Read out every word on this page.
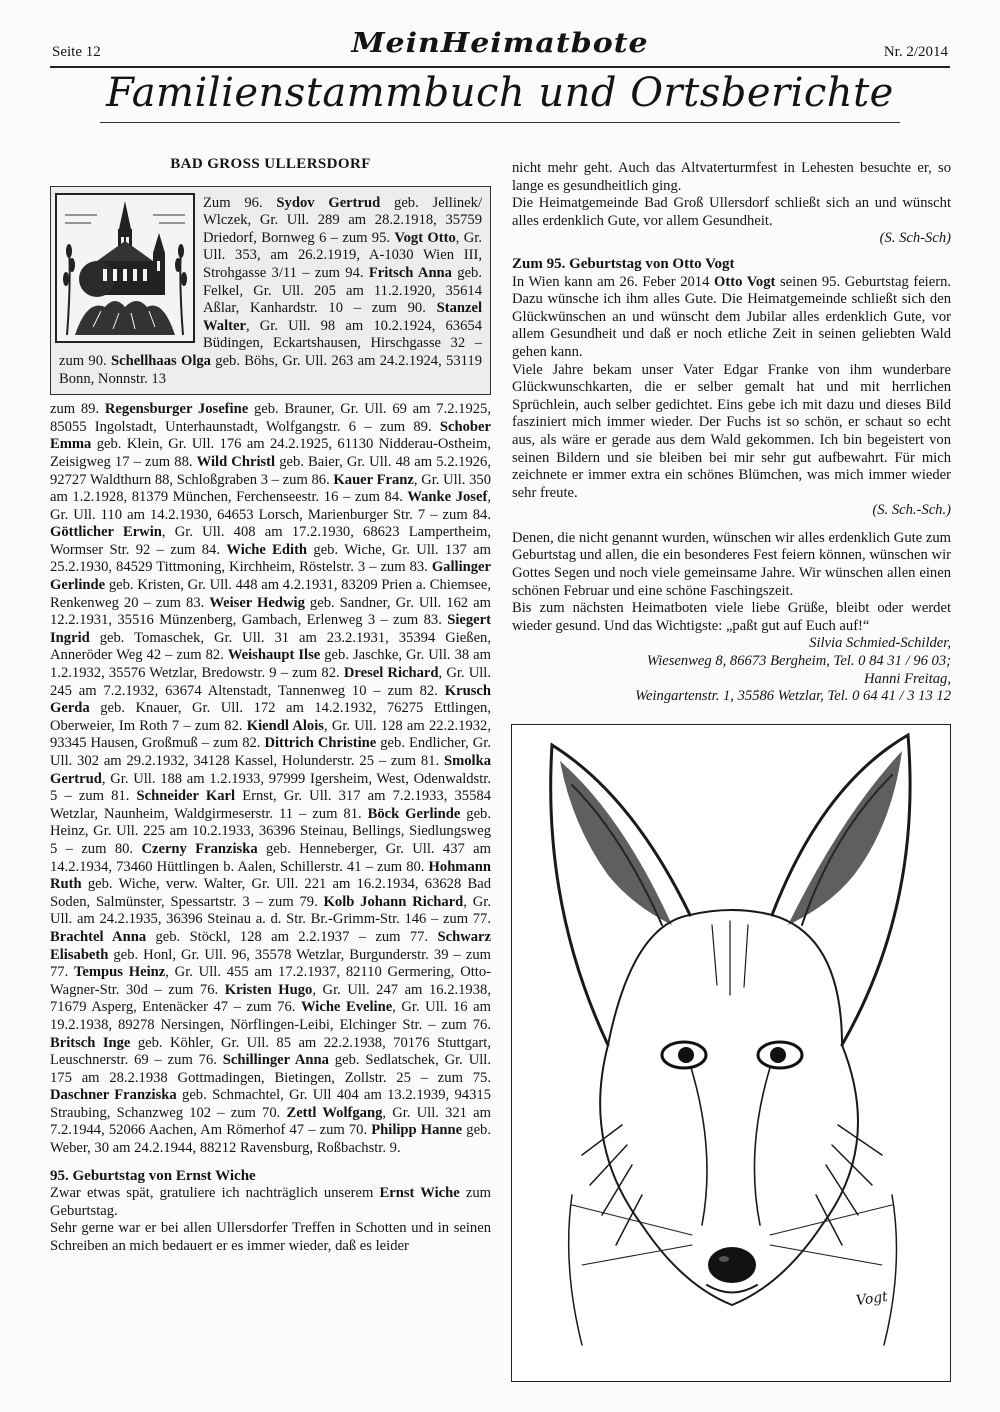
Seite 12	MeinHeimatbote	Nr. 2/2014
Familienstammbuch und Ortsberichte
BAD GROSS ULLERSDORF
Zum 96. Sydov Gertrud geb. Jellinek/ Wlczek, Gr. Ull. 289 am 28.2.1918, 35759 Driedorf, Bornweg 6 – zum 95. Vogt Otto, Gr. Ull. 353, am 26.2.1919, A-1030 Wien III, Strohgasse 3/11 – zum 94. Fritsch Anna geb. Felkel, Gr. Ull. 205 am 11.2.1920, 35614 Aßlar, Kanhardstr. 10 – zum 90. Stanzel Walter, Gr. Ull. 98 am 10.2.1924, 63654 Büdingen, Eckartshausen, Hirschgasse 32 – zum 90. Schellhaas Olga geb. Böhs, Gr. Ull. 263 am 24.2.1924, 53119 Bonn, Nonnstr. 13
zum 89. Regensburger Josefine geb. Brauner, Gr. Ull. 69 am 7.2.1925, 85055 Ingolstadt, Unterhaunstadt, Wolfgangstr. 6 – zum 89. Schober Emma geb. Klein, Gr. Ull. 176 am 24.2.1925, 61130 Nidderau-Ostheim, Zeisigweg 17 – zum 88. Wild Christl geb. Baier, Gr. Ull. 48 am 5.2.1926, 92727 Waldthurn 88, Schloßgraben 3 – zum 86. Kauer Franz, Gr. Ull. 350 am 1.2.1928, 81379 München, Ferchenseestr. 16 – zum 84. Wanke Josef, Gr. Ull. 110 am 14.2.1930, 64653 Lorsch, Marienburger Str. 7 – zum 84. Göttlicher Erwin, Gr. Ull. 408 am 17.2.1930, 68623 Lampertheim, Wormser Str. 92 – zum 84. Wiche Edith geb. Wiche, Gr. Ull. 137 am 25.2.1930, 84529 Tittmoning, Kirchheim, Röstelstr. 3 – zum 83. Gallinger Gerlinde geb. Kristen, Gr. Ull. 448 am 4.2.1931, 83209 Prien a. Chiemsee, Renkenweg 20 – zum 83. Weiser Hedwig geb. Sandner, Gr. Ull. 162 am 12.2.1931, 35516 Münzenberg, Gambach, Erlenweg 3 – zum 83. Siegert Ingrid geb. Tomaschek, Gr. Ull. 31 am 23.2.1931, 35394 Gießen, Anneröder Weg 42 – zum 82. Weishaupt Ilse geb. Jaschke, Gr. Ull. 38 am 1.2.1932, 35576 Wetzlar, Bredowstr. 9 – zum 82. Dresel Richard, Gr. Ull. 245 am 7.2.1932, 63674 Altenstadt, Tannenweg 10 – zum 82. Krusch Gerda geb. Knauer, Gr. Ull. 172 am 14.2.1932, 76275 Ettlingen, Oberweier, Im Roth 7 – zum 82. Kiendl Alois, Gr. Ull. 128 am 22.2.1932, 93345 Hausen, Großmuß – zum 82. Dittrich Christine geb. Endlicher, Gr. Ull. 302 am 29.2.1932, 34128 Kassel, Holunderstr. 25 – zum 81. Smolka Gertrud, Gr. Ull. 188 am 1.2.1933, 97999 Igersheim, West, Odenwaldstr. 5 – zum 81. Schneider Karl Ernst, Gr. Ull. 317 am 7.2.1933, 35584 Wetzlar, Naunheim, Waldgirmeserstr. 11 – zum 81. Böck Gerlinde geb. Heinz, Gr. Ull. 225 am 10.2.1933, 36396 Steinau, Bellings, Siedlungsweg 5 – zum 80. Czerny Franziska geb. Henneberger, Gr. Ull. 437 am 14.2.1934, 73460 Hüttlingen b. Aalen, Schillerstr. 41 – zum 80. Hohmann Ruth geb. Wiche, verw. Walter, Gr. Ull. 221 am 16.2.1934, 63628 Bad Soden, Salmünster, Spessartstr. 3 – zum 79. Kolb Johann Richard, Gr. Ull. am 24.2.1935, 36396 Steinau a. d. Str. Br.-Grimm-Str. 146 – zum 77. Brachtel Anna geb. Stöckl, 128 am 2.2.1937 – zum 77. Schwarz Elisabeth geb. Honl, Gr. Ull. 96, 35578 Wetzlar, Burgunderstr. 39 – zum 77. Tempus Heinz, Gr. Ull. 455 am 17.2.1937, 82110 Germering, Otto-Wagner-Str. 30d – zum 76. Kristen Hugo, Gr. Ull. 247 am 16.2.1938, 71679 Asperg, Entenäcker 47 – zum 76. Wiche Eveline, Gr. Ull. 16 am 19.2.1938, 89278 Nersingen, Nörflingen-Leibi, Elchinger Str. – zum 76. Britsch Inge geb. Köhler, Gr. Ull. 85 am 22.2.1938, 70176 Stuttgart, Leuschnerstr. 69 – zum 76. Schillinger Anna geb. Sedlatschek, Gr. Ull. 175 am 28.2.1938 Gottmadingen, Bietingen, Zollstr. 25 – zum 75. Daschner Franziska geb. Schmachtel, Gr. Ull 404 am 13.2.1939, 94315 Straubing, Schanzweg 102 – zum 70. Zettl Wolfgang, Gr. Ull. 321 am 7.2.1944, 52066 Aachen, Am Römerhof 47 – zum 70. Philipp Hanne geb. Weber, 30 am 24.2.1944, 88212 Ravensburg, Roßbachstr. 9.
95. Geburtstag von Ernst Wiche

Zwar etwas spät, gratuliere ich nachträglich unserem Ernst Wiche zum Geburtstag.

Sehr gerne war er bei allen Ullersdorfer Treffen in Schotten und in seinen Schreiben an mich bedauert er es immer wieder, daß es leider

nicht mehr geht. Auch das Altvaterturmfest in Lehesten besuchte er, so lange es gesundheitlich ging.

Die Heimatgemeinde Bad Groß Ullersdorf schließt sich an und wünscht alles erdenklich Gute, vor allem Gesundheit.

(S. Sch-Sch)

Zum 95. Geburtstag von Otto Vogt

In Wien kann am 26. Feber 2014 Otto Vogt seinen 95. Geburtstag feiern. Dazu wünsche ich ihm alles Gute. Die Heimatgemeinde schließt sich den Glückwünschen an und wünscht dem Jubilar alles erdenklich Gute, vor allem Gesundheit und daß er noch etliche Zeit in seinen geliebten Wald gehen kann.

Viele Jahre bekam unser Vater Edgar Franke von ihm wunderbare Glückwunschkarten, die er selber gemalt hat und mit herrlichen Sprüchlein, auch selber gedichtet. Eins gebe ich mit dazu und dieses Bild fasziniert mich immer wieder. Der Fuchs ist so schön, er schaut so echt aus, als wäre er gerade aus dem Wald gekommen. Ich bin begeistert von seinen Bildern und sie bleiben bei mir sehr gut aufbewahrt. Für mich zeichnete er immer extra ein schönes Blümchen, was mich immer wieder sehr freute.

(S. Sch.-Sch.)

Denen, die nicht genannt wurden, wünschen wir alles erdenklich Gute zum Geburtstag und allen, die ein besonderes Fest feiern können, wünschen wir Gottes Segen und noch viele gemeinsame Jahre. Wir wünschen allen einen schönen Februar und eine schöne Faschingszeit.

Bis zum nächsten Heimatboten viele liebe Grüße, bleibt oder werdet wieder gesund. Und das Wichtigste: „paßt gut auf Euch auf!“

Silvia Schmied-Schilder,

Wiesenweg 8, 86673 Bergheim, Tel. 0 84 31 / 96 03;

Hanni Freitag,

Weingartenstr. 1, 35586 Wetzlar, Tel. 0 64 41 / 3 13 12

Vogt
